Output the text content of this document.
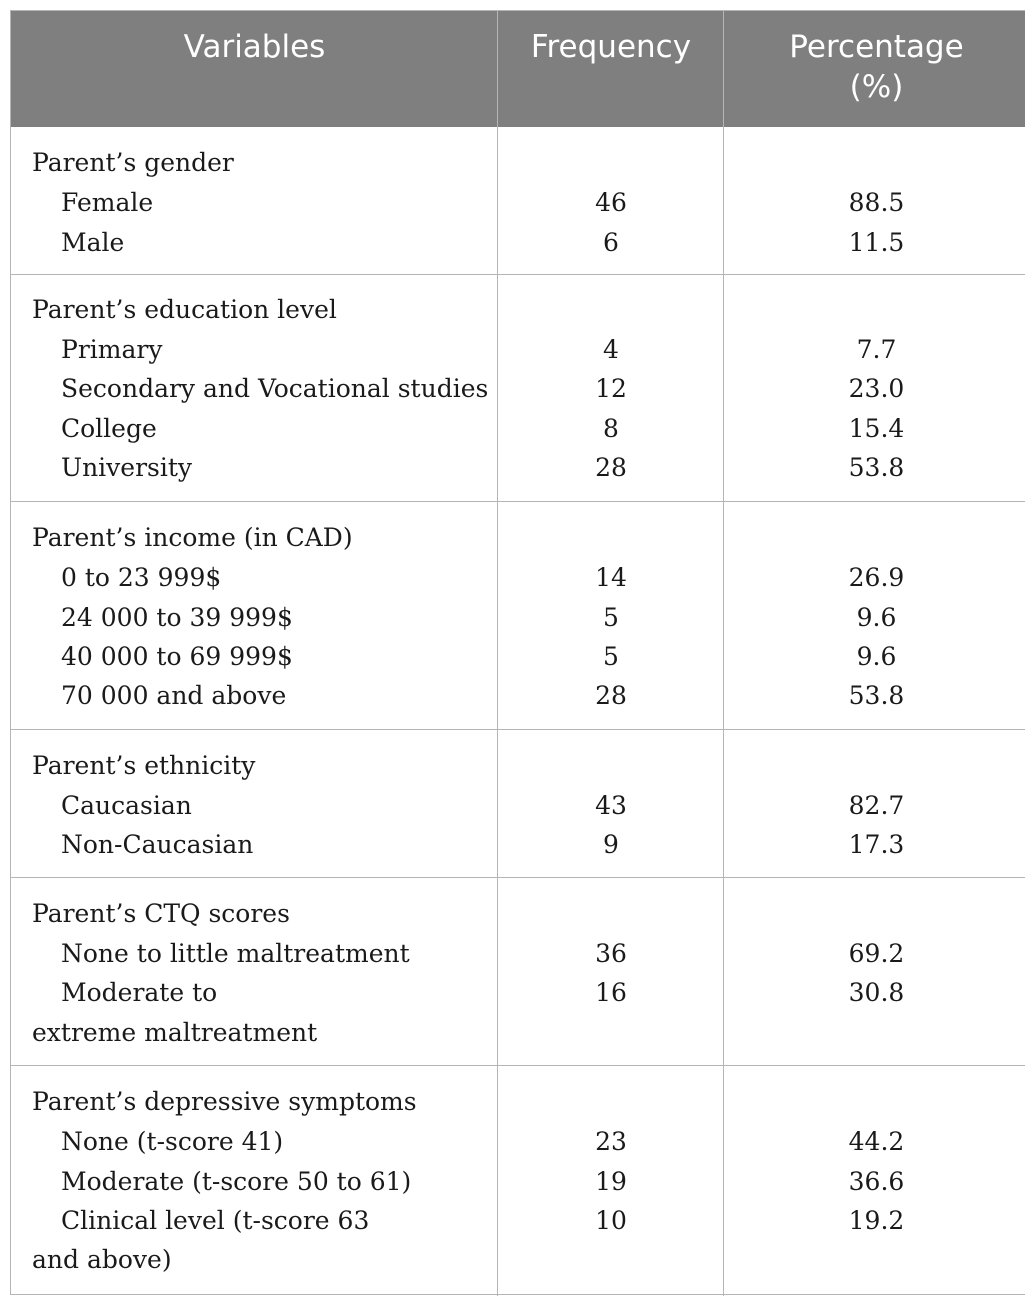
Variables	Frequency	Percentage
(%)
Parent’s gender
Female	46	88.5
Male	6	11.5
Parent’s education level
Primary	4	7.7
Secondary and Vocational studies	12	23.0
College	8	15.4
University	28	53.8
Parent’s income (in CAD)
0 to 23 999$	14	26.9
24 000 to 39 999$	5	9.6
40 000 to 69 999$	5	9.6
70 000 and above	28	53.8
Parent’s ethnicity
Caucasian	43	82.7
Non-Caucasian	9	17.3
Parent’s CTQ scores
None to little maltreatment	36	69.2
Moderate to	16	30.8
extreme maltreatment
Parent’s depressive symptoms
None (t-score 41)	23	44.2
Moderate (t-score 50 to 61)	19	36.6
Clinical level (t-score 63	10	19.2
and above)
